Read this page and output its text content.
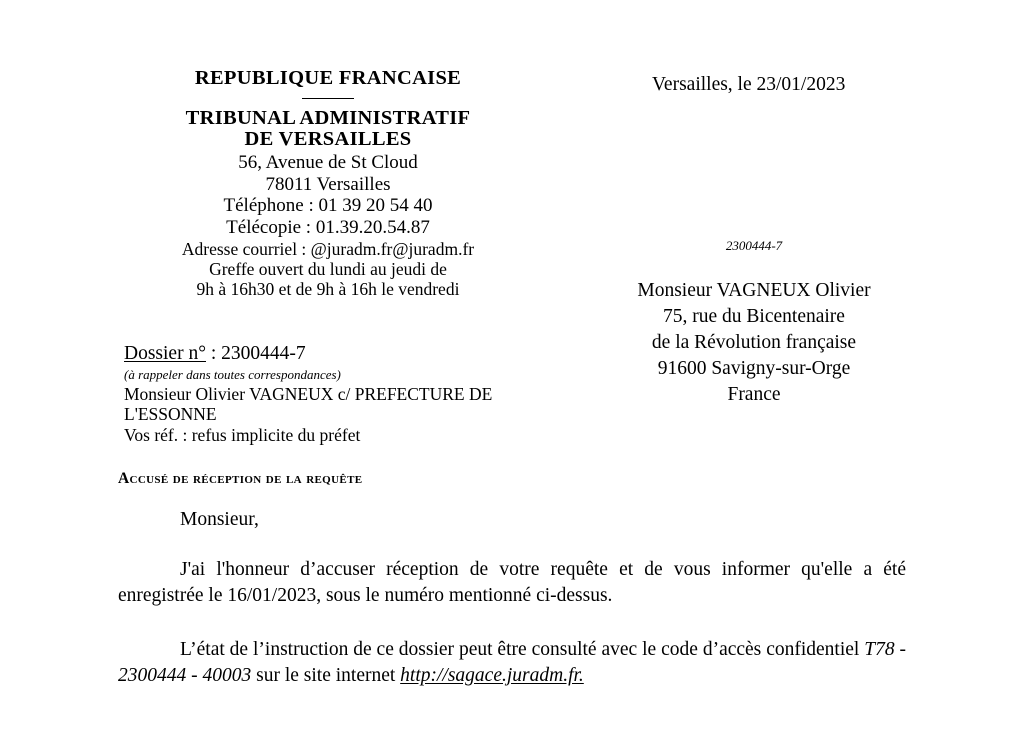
REPUBLIQUE FRANCAISE
TRIBUNAL ADMINISTRATIF
DE VERSAILLES
56, Avenue de St Cloud
78011 Versailles
Téléphone : 01 39 20 54 40
Télécopie : 01.39.20.54.87
Adresse courriel : @juradm.fr@juradm.fr
Greffe ouvert du lundi au jeudi de
9h à 16h30 et de 9h à 16h le vendredi
Versailles, le 23/01/2023
2300444-7
Monsieur VAGNEUX Olivier
75, rue du Bicentenaire
de la Révolution française
91600 Savigny-sur-Orge
France
Dossier n° : 2300444-7
(à rappeler dans toutes correspondances)
Monsieur Olivier VAGNEUX c/ PREFECTURE DE L'ESSONNE
Vos réf. : refus implicite du préfet
Accusé de réception de la requête
Monsieur,
J'ai l'honneur d’accuser réception de votre requête et de vous informer qu'elle a été enregistrée le 16/01/2023, sous le numéro mentionné ci-dessus.
L’état de l’instruction de ce dossier peut être consulté avec le code d’accès confidentiel T78 - 2300444 - 40003 sur le site internet http://sagace.juradm.fr.
